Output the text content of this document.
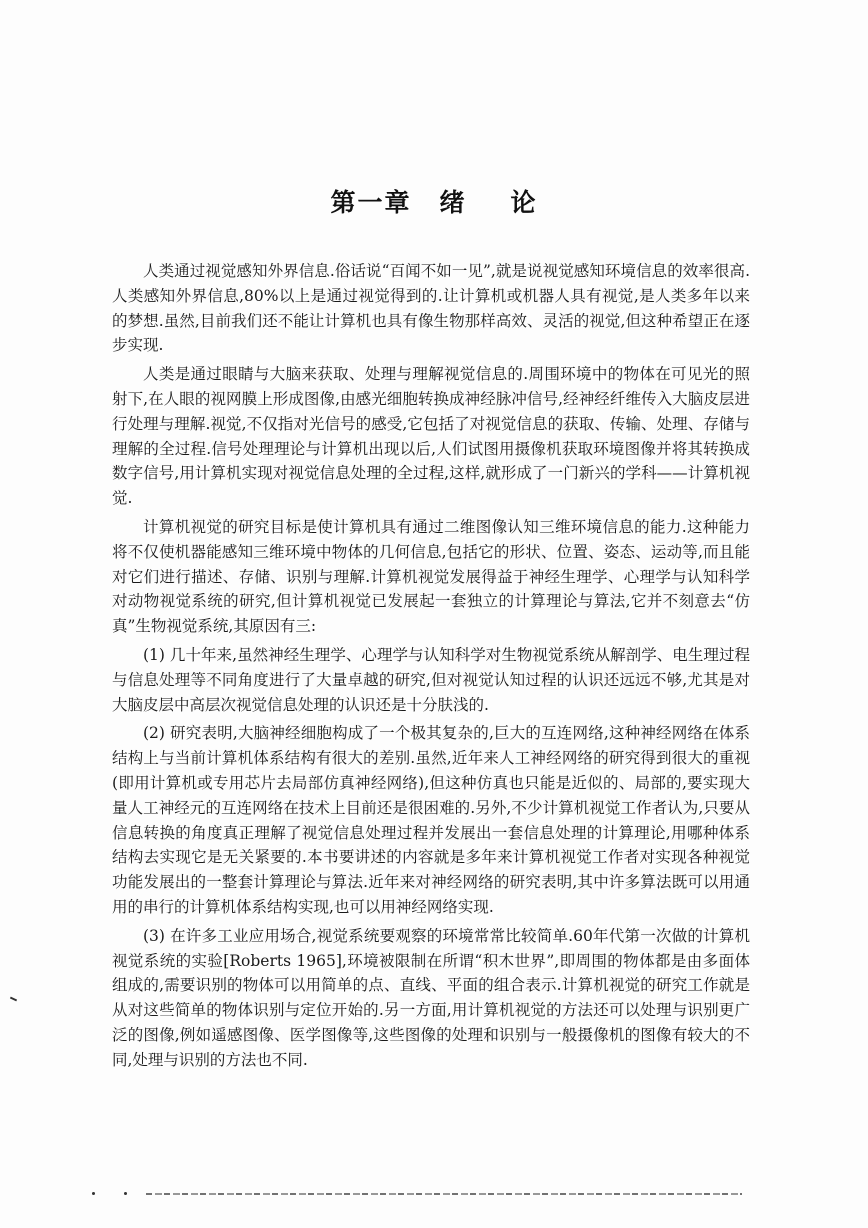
第一章 绪 论

人类通过视觉感知外界信息.俗话说“百闻不如一见”,就是说视觉感知环境信息的效率很高.人类感知外界信息,80%以上是通过视觉得到的.让计算机或机器人具有视觉,是人类多年以来的梦想.虽然,目前我们还不能让计算机也具有像生物那样高效、灵活的视觉,但这种希望正在逐步实现.

人类是通过眼睛与大脑来获取、处理与理解视觉信息的.周围环境中的物体在可见光的照射下,在人眼的视网膜上形成图像,由感光细胞转换成神经脉冲信号,经神经纤维传入大脑皮层进行处理与理解.视觉,不仅指对光信号的感受,它包括了对视觉信息的获取、传输、处理、存储与理解的全过程.信号处理理论与计算机出现以后,人们试图用摄像机获取环境图像并将其转换成数字信号,用计算机实现对视觉信息处理的全过程,这样,就形成了一门新兴的学科——计算机视觉.

计算机视觉的研究目标是使计算机具有通过二维图像认知三维环境信息的能力.这种能力将不仅使机器能感知三维环境中物体的几何信息,包括它的形状、位置、姿态、运动等,而且能对它们进行描述、存储、识别与理解.计算机视觉发展得益于神经生理学、心理学与认知科学对动物视觉系统的研究,但计算机视觉已发展起一套独立的计算理论与算法,它并不刻意去“仿真”生物视觉系统,其原因有三:

(1) 几十年来,虽然神经生理学、心理学与认知科学对生物视觉系统从解剖学、电生理过程与信息处理等不同角度进行了大量卓越的研究,但对视觉认知过程的认识还远远不够,尤其是对大脑皮层中高层次视觉信息处理的认识还是十分肤浅的.

(2) 研究表明,大脑神经细胞构成了一个极其复杂的,巨大的互连网络,这种神经网络在体系结构上与当前计算机体系结构有很大的差别.虽然,近年来人工神经网络的研究得到很大的重视(即用计算机或专用芯片去局部仿真神经网络),但这种仿真也只能是近似的、局部的,要实现大量人工神经元的互连网络在技术上目前还是很困难的.另外,不少计算机视觉工作者认为,只要从信息转换的角度真正理解了视觉信息处理过程并发展出一套信息处理的计算理论,用哪种体系结构去实现它是无关紧要的.本书要讲述的内容就是多年来计算机视觉工作者对实现各种视觉功能发展出的一整套计算理论与算法.近年来对神经网络的研究表明,其中许多算法既可以用通用的串行的计算机体系结构实现,也可以用神经网络实现.

(3) 在许多工业应用场合,视觉系统要观察的环境常常比较简单.60年代第一次做的计算机视觉系统的实验[Roberts 1965],环境被限制在所谓“积木世界”,即周围的物体都是由多面体组成的,需要识别的物体可以用简单的点、直线、平面的组合表示.计算机视觉的研究工作就是从对这些简单的物体识别与定位开始的.另一方面,用计算机视觉的方法还可以处理与识别更广泛的图像,例如遥感图像、医学图像等,这些图像的处理和识别与一般摄像机的图像有较大的不同,处理与识别的方法也不同.
